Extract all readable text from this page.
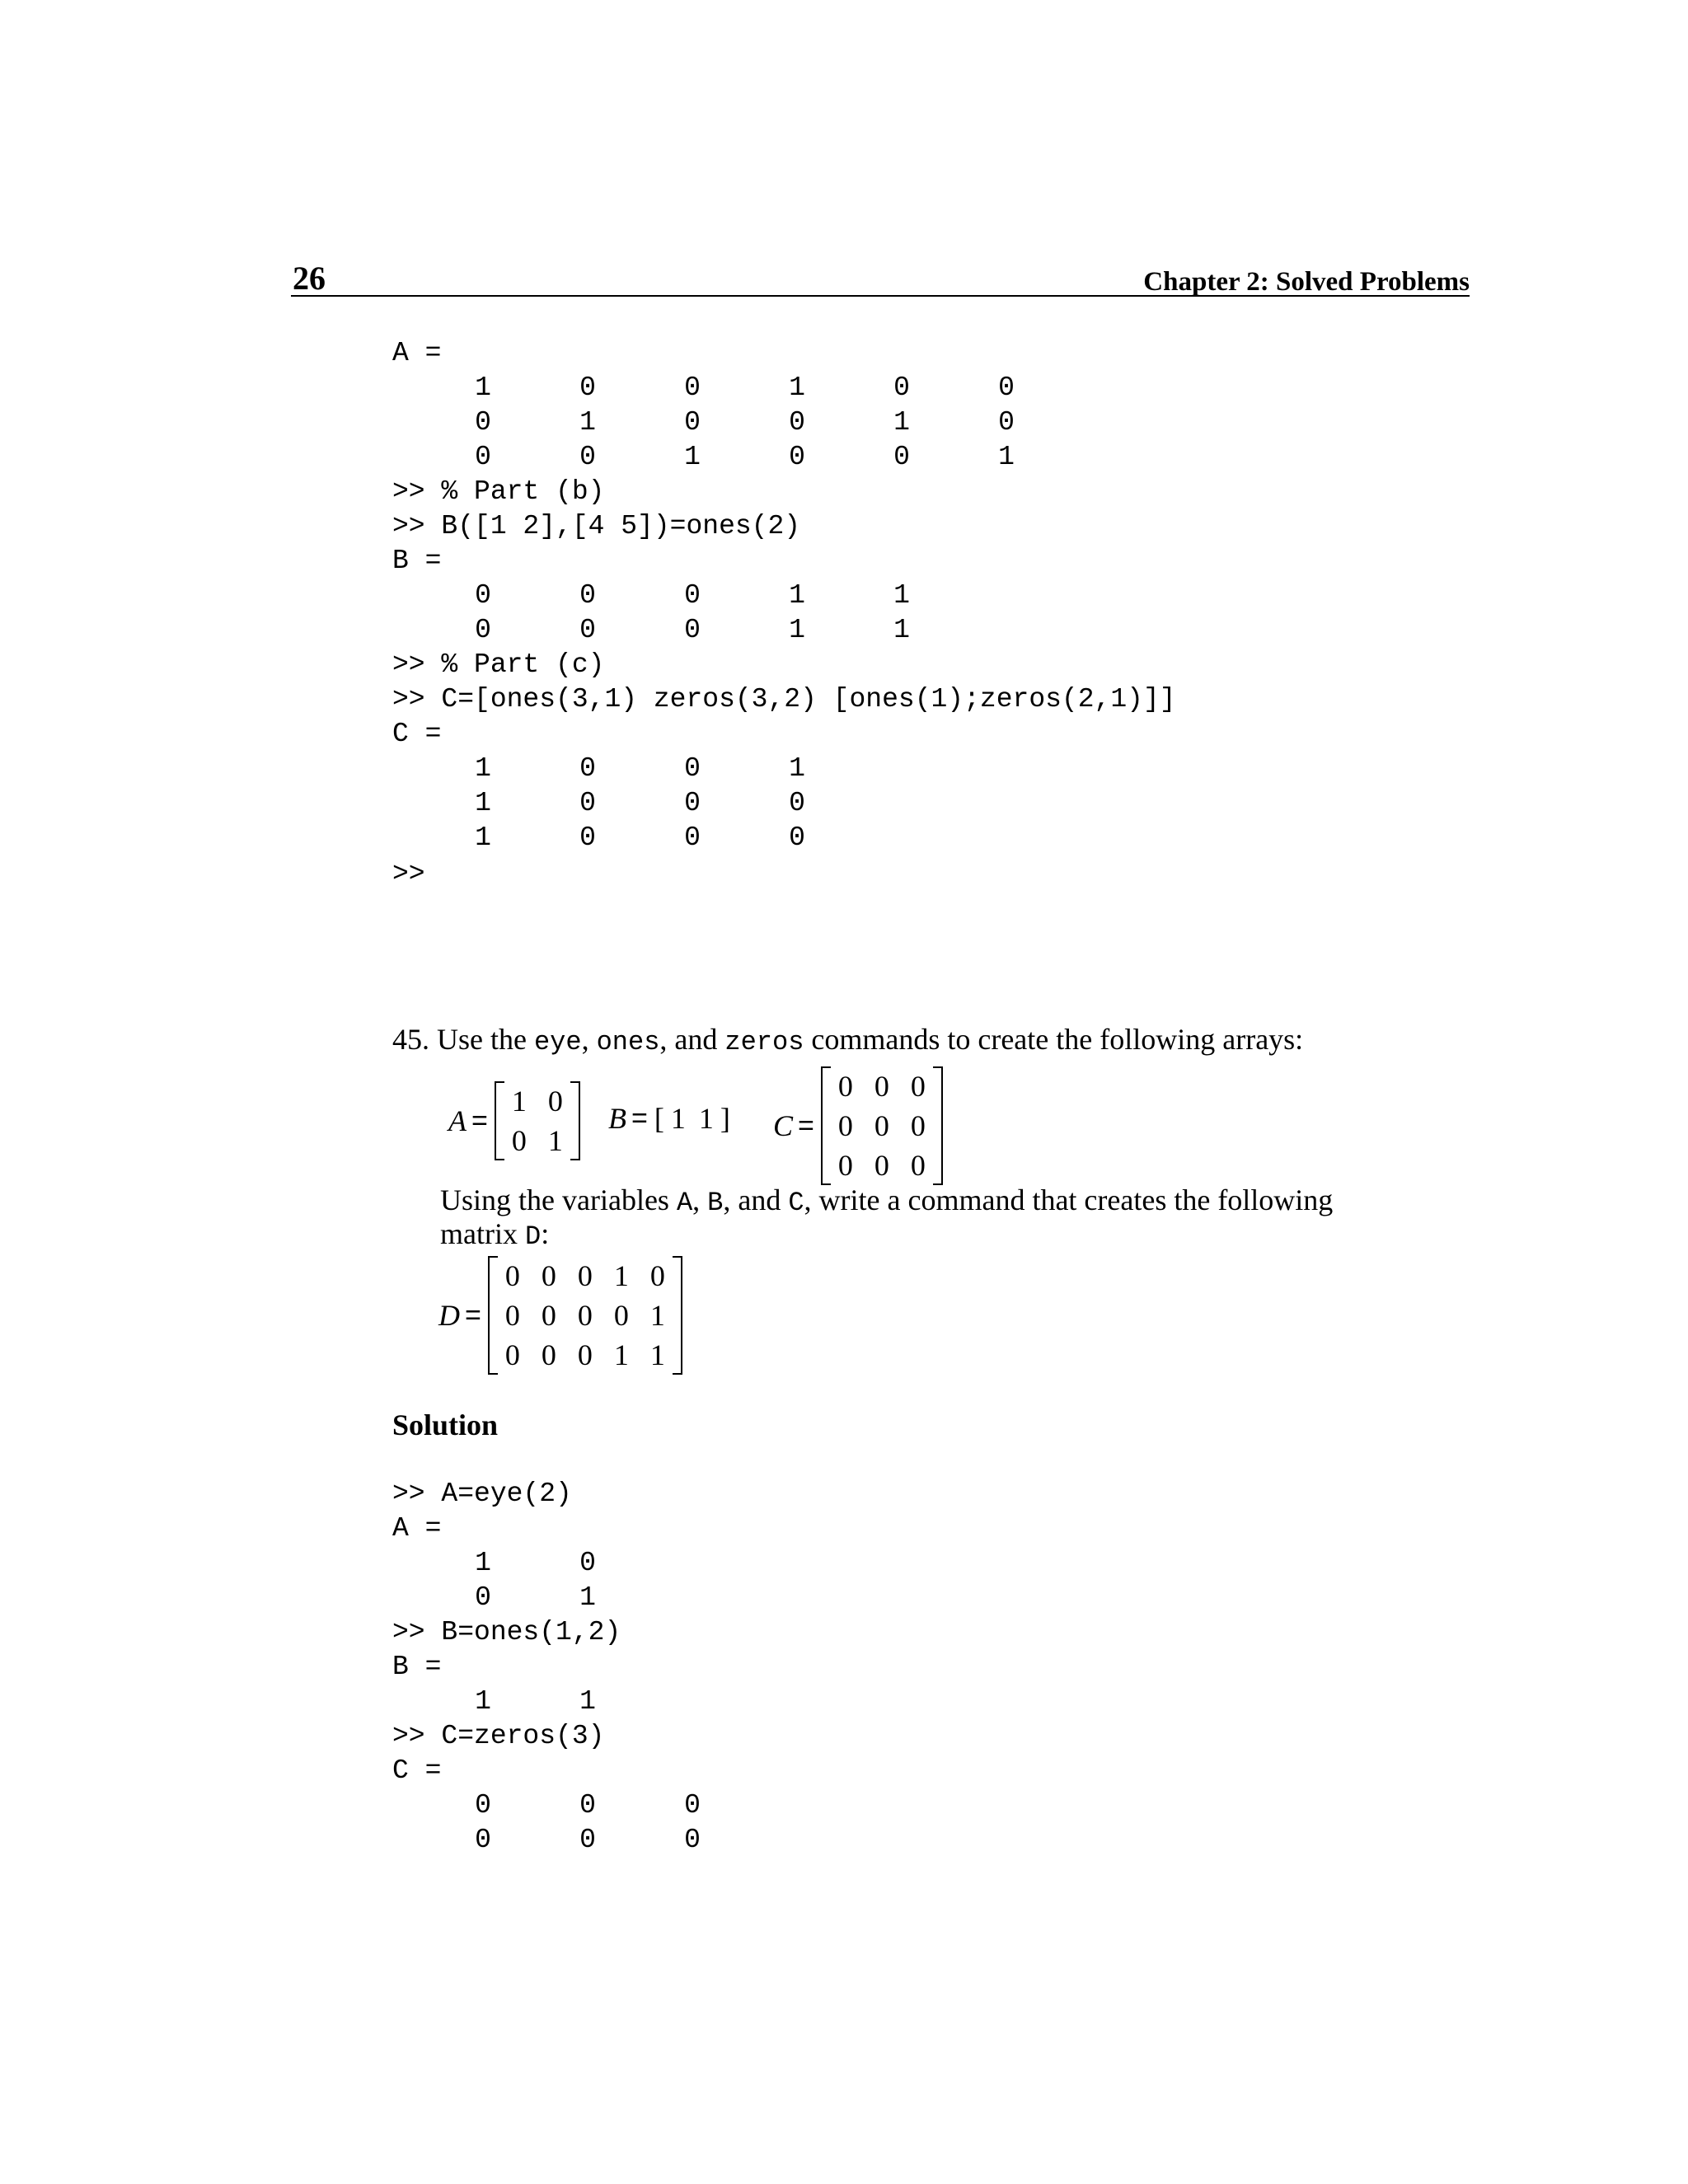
26	Chapter 2: Solved Problems
A =
1	0	0	1	0	0
0	1	0	0	1	0
0	0	1	0	0	1
>> % Part (b)
>> B([1 2],[4 5])=ones(2)
B =
0	0	0	1	1
0	0	0	1	1
>> % Part (c)
>> C=[ones(3,1) zeros(3,2) [ones(1);zeros(2,1)]]
C =
1	0	0	1
1	0	0	0
1	0	0	0
>>
45. Use the eye, ones, and zeros commands to create the following arrays:
A =
1 0
0 1
B = [ 1 1 ] C =
0 0 0
0 0 0
0 0 0
Using the variables A, B, and C, write a command that creates the following
matrix D:
D =
0 0 0 1 0
0 0 0 0 1
0 0 0 1 1
Solution
>> A=eye(2)
A =
1	0
0	1
>> B=ones(1,2)
B =
1	1
>> C=zeros(3)
C =
0	0	0
0	0	0
